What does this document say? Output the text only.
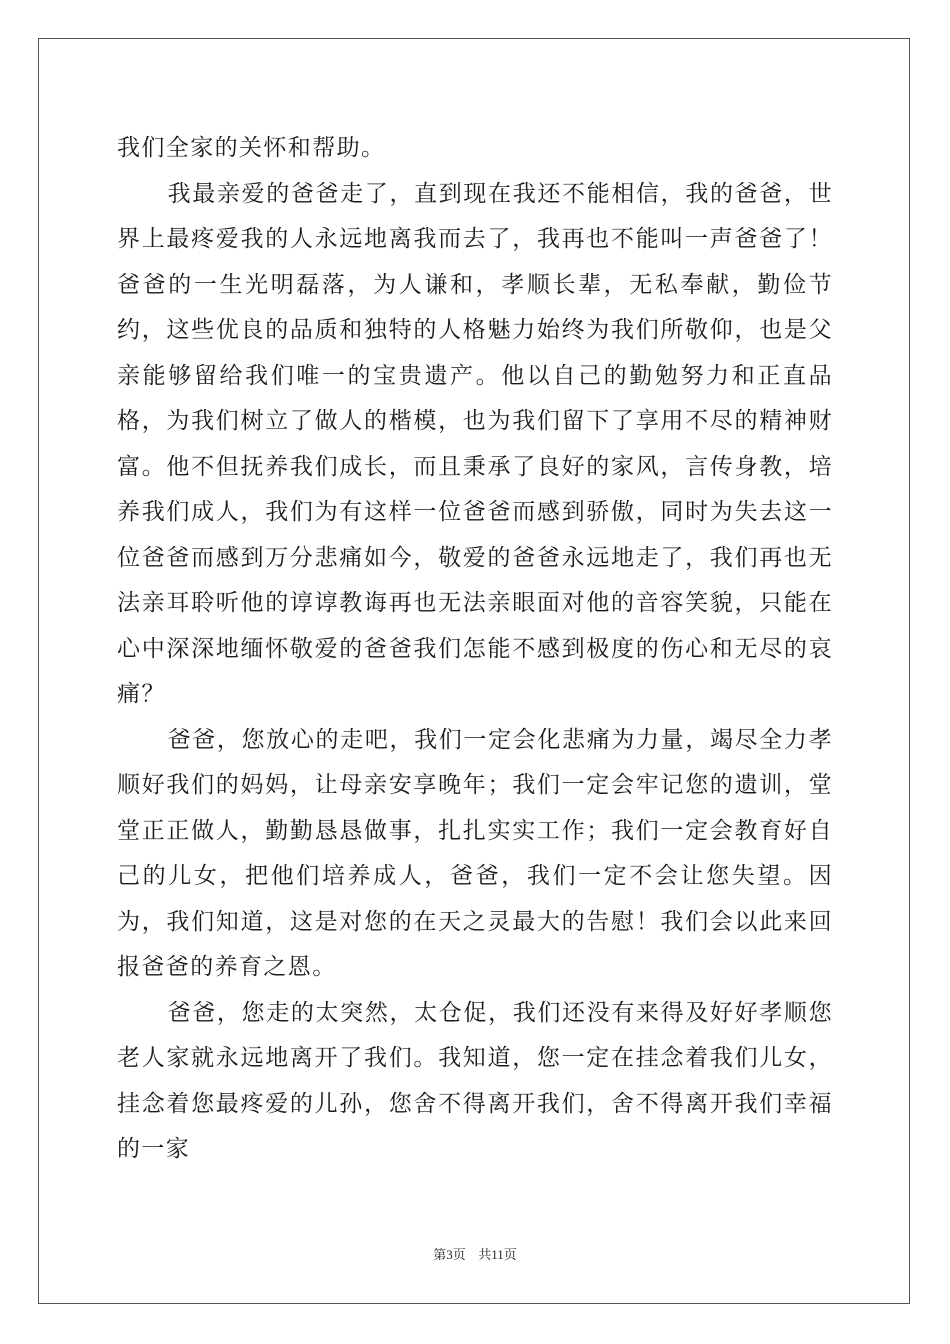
我们全家的关怀和帮助。

我最亲爱的爸爸走了，直到现在我还不能相信，我的爸爸，世界上最疼爱我的人永远地离我而去了，我再也不能叫一声爸爸了！爸爸的一生光明磊落，为人谦和，孝顺长辈，无私奉献，勤俭节约，这些优良的品质和独特的人格魅力始终为我们所敬仰，也是父亲能够留给我们唯一的宝贵遗产。他以自己的勤勉努力和正直品格，为我们树立了做人的楷模，也为我们留下了享用不尽的精神财富。他不但抚养我们成长，而且秉承了良好的家风，言传身教，培养我们成人，我们为有这样一位爸爸而感到骄傲，同时为失去这一位爸爸而感到万分悲痛如今，敬爱的爸爸永远地走了，我们再也无法亲耳聆听他的谆谆教诲再也无法亲眼面对他的音容笑貌，只能在心中深深地缅怀敬爱的爸爸我们怎能不感到极度的伤心和无尽的哀痛？

爸爸，您放心的走吧，我们一定会化悲痛为力量，竭尽全力孝顺好我们的妈妈，让母亲安享晚年；我们一定会牢记您的遗训，堂堂正正做人，勤勤恳恳做事，扎扎实实工作；我们一定会教育好自己的儿女，把他们培养成人，爸爸，我们一定不会让您失望。因为，我们知道，这是对您的在天之灵最大的告慰！我们会以此来回报爸爸的养育之恩。

爸爸，您走的太突然，太仓促，我们还没有来得及好好孝顺您老人家就永远地离开了我们。我知道，您一定在挂念着我们儿女，挂念着您最疼爱的儿孙，您舍不得离开我们，舍不得离开我们幸福的一家

第3页 共11页
